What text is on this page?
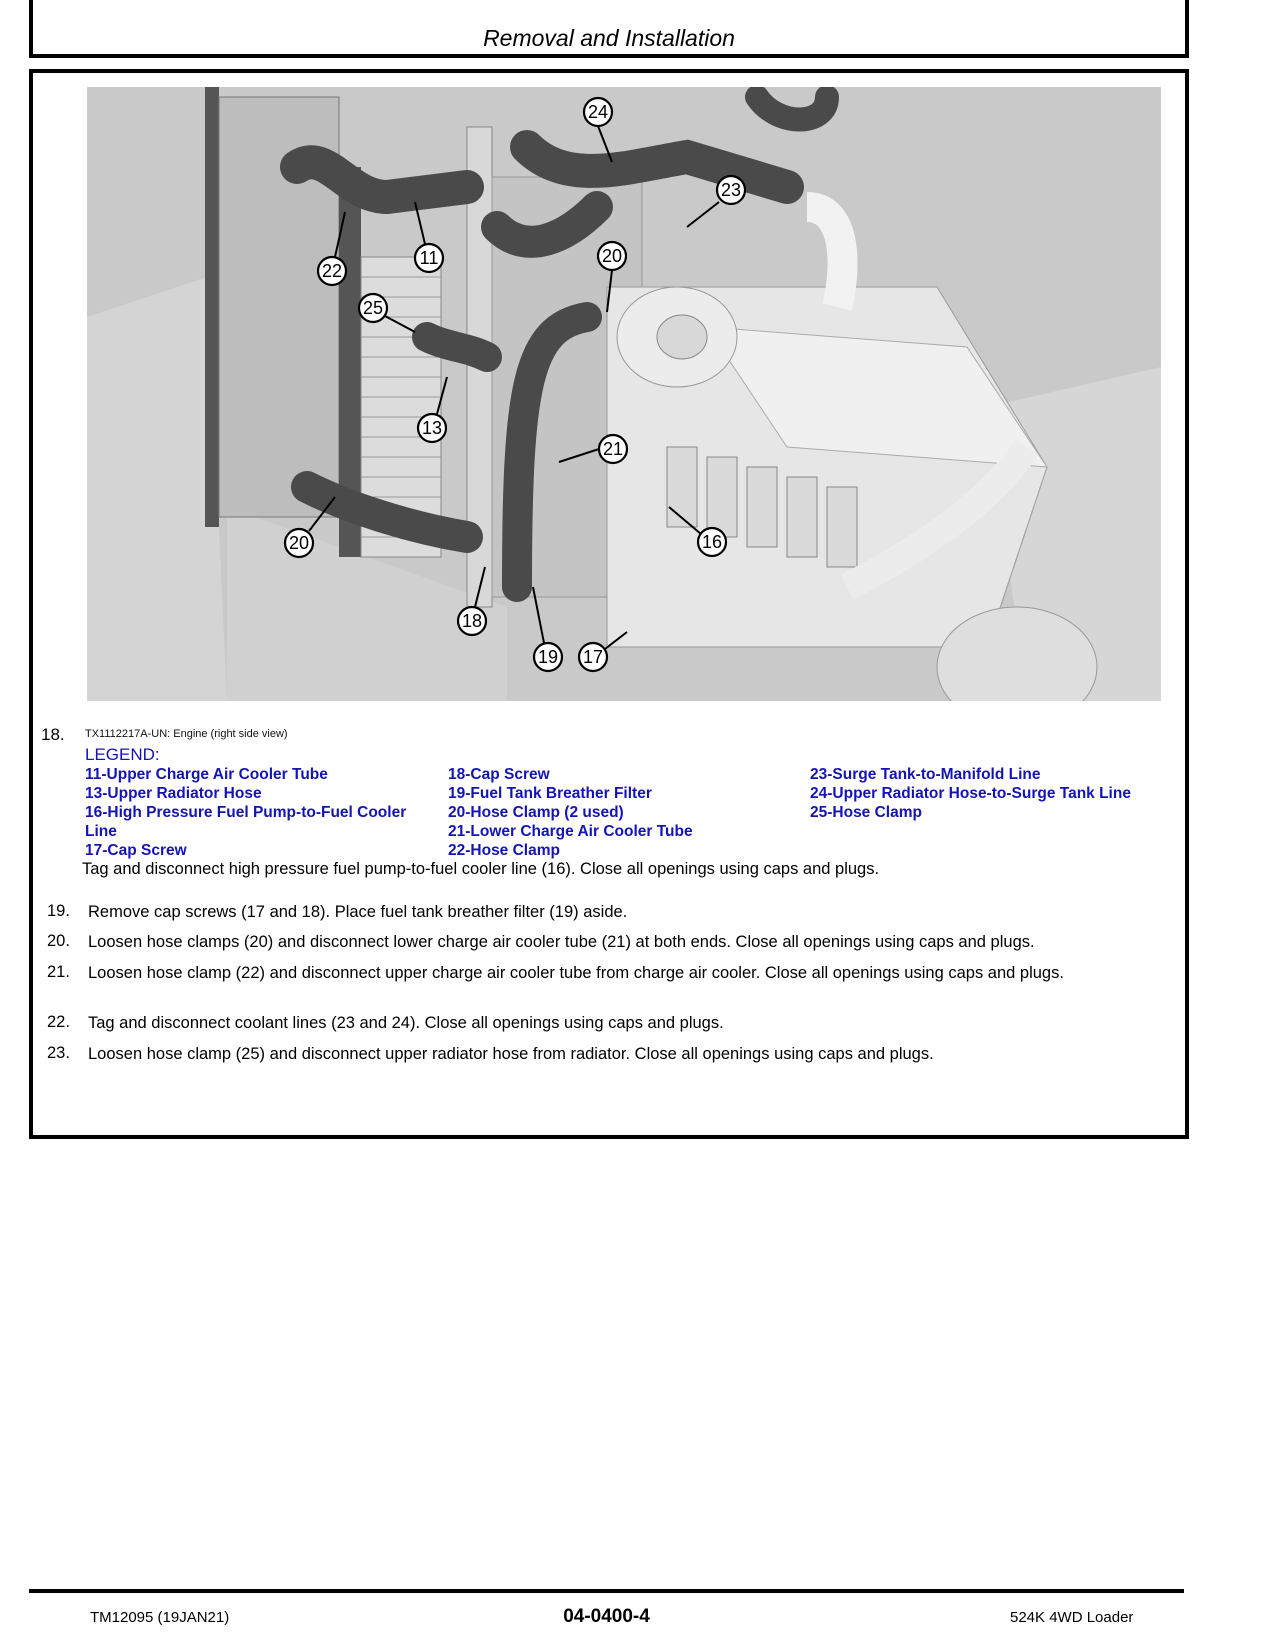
Removal and Installation
24
23
22
11	20
25
13
21
20	16
18
19 17
18. TX1112217A-UN: Engine (right side view)
LEGEND:
11-Upper Charge Air Cooler Tube
13-Upper Radiator Hose
16-High Pressure Fuel Pump-to-Fuel Cooler
Line
17-Cap Screw
18-Cap Screw
19-Fuel Tank Breather Filter
20-Hose Clamp (2 used)
21-Lower Charge Air Cooler Tube
22-Hose Clamp
23-Surge Tank-to-Manifold Line
24-Upper Radiator Hose-to-Surge Tank Line
25-Hose Clamp
Tag and disconnect high pressure fuel pump-to-fuel cooler line (16). Close all openings using caps and plugs.
19. Remove cap screws (17 and 18). Place fuel tank breather filter (19) aside.
20. Loosen hose clamps (20) and disconnect lower charge air cooler tube (21) at both ends. Close all openings using caps and plugs.
21. Loosen hose clamp (22) and disconnect upper charge air cooler tube from charge air cooler. Close all openings using caps and plugs.
22. Tag and disconnect coolant lines (23 and 24). Close all openings using caps and plugs.
23. Loosen hose clamp (25) and disconnect upper radiator hose from radiator. Close all openings using caps and plugs.
TM12095 (19JAN21)	04-0400-4	524K 4WD Loader
